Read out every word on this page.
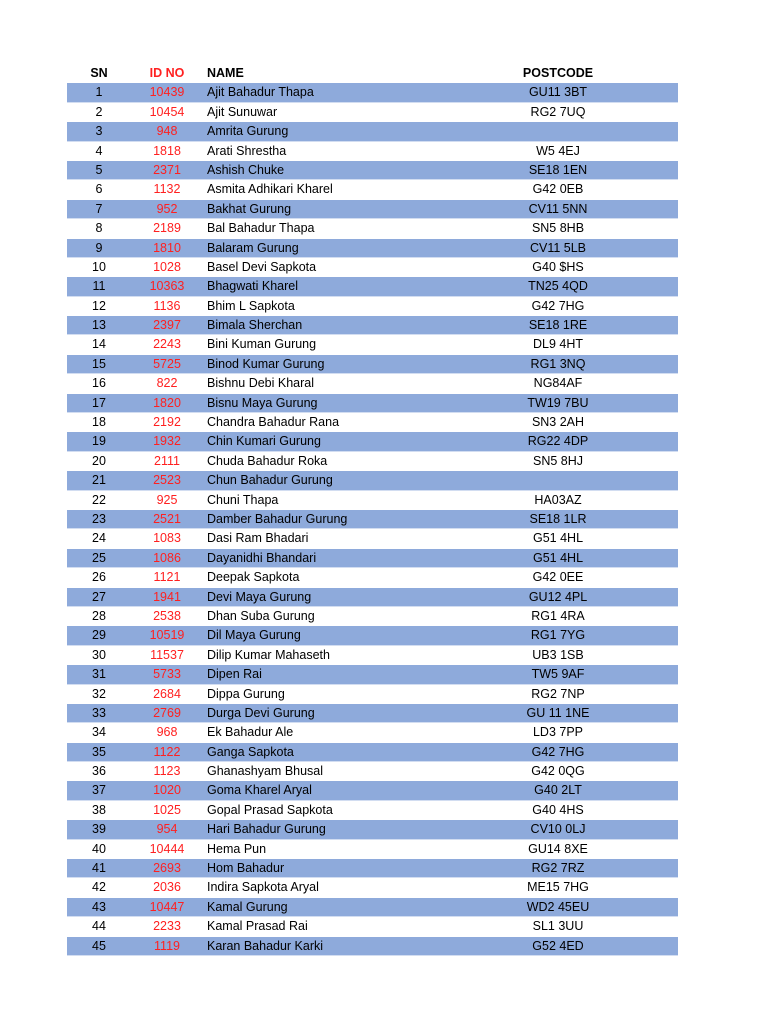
SN	ID NO	NAME	POSTCODE
1	10439	Ajit Bahadur Thapa	GU11 3BT
2	10454	Ajit Sunuwar	RG2 7UQ
3	948	Amrita Gurung
4	1818	Arati Shrestha	W5 4EJ
5	2371	Ashish Chuke	SE18 1EN
6	1132	Asmita Adhikari Kharel	G42 0EB
7	952	Bakhat Gurung	CV11 5NN
8	2189	Bal Bahadur Thapa	SN5 8HB
9	1810	Balaram Gurung	CV11 5LB
10	1028	Basel Devi Sapkota	G40 $HS
11	10363	Bhagwati Kharel	TN25 4QD
12	1136	Bhim L Sapkota	G42 7HG
13	2397	Bimala Sherchan	SE18 1RE
14	2243	Bini Kuman Gurung	DL9 4HT
15	5725	Binod Kumar Gurung	RG1 3NQ
16	822	Bishnu Debi Kharal	NG84AF
17	1820	Bisnu Maya Gurung	TW19 7BU
18	2192	Chandra Bahadur Rana	SN3 2AH
19	1932	Chin Kumari Gurung	RG22 4DP
20	2111	Chuda Bahadur Roka	SN5 8HJ
21	2523	Chun Bahadur Gurung
22	925	Chuni Thapa	HA03AZ
23	2521	Damber Bahadur Gurung	SE18 1LR
24	1083	Dasi Ram Bhadari	G51 4HL
25	1086	Dayanidhi Bhandari	G51 4HL
26	1121	Deepak Sapkota	G42 0EE
27	1941	Devi Maya Gurung	GU12 4PL
28	2538	Dhan Suba Gurung	RG1 4RA
29	10519	Dil Maya Gurung	RG1 7YG
30	11537	Dilip Kumar Mahaseth	UB3 1SB
31	5733	Dipen Rai	TW5 9AF
32	2684	Dippa Gurung	RG2 7NP
33	2769	Durga Devi Gurung	GU 11 1NE
34	968	Ek Bahadur Ale	LD3 7PP
35	1122	Ganga Sapkota	G42 7HG
36	1123	Ghanashyam Bhusal	G42 0QG
37	1020	Goma Kharel Aryal	G40 2LT
38	1025	Gopal Prasad Sapkota	G40 4HS
39	954	Hari Bahadur Gurung	CV10 0LJ
40	10444	Hema Pun	GU14 8XE
41	2693	Hom Bahadur	RG2 7RZ
42	2036	Indira Sapkota Aryal	ME15 7HG
43	10447	Kamal Gurung	WD2 45EU
44	2233	Kamal Prasad Rai	SL1 3UU
45	1119	Karan Bahadur Karki	G52 4ED
